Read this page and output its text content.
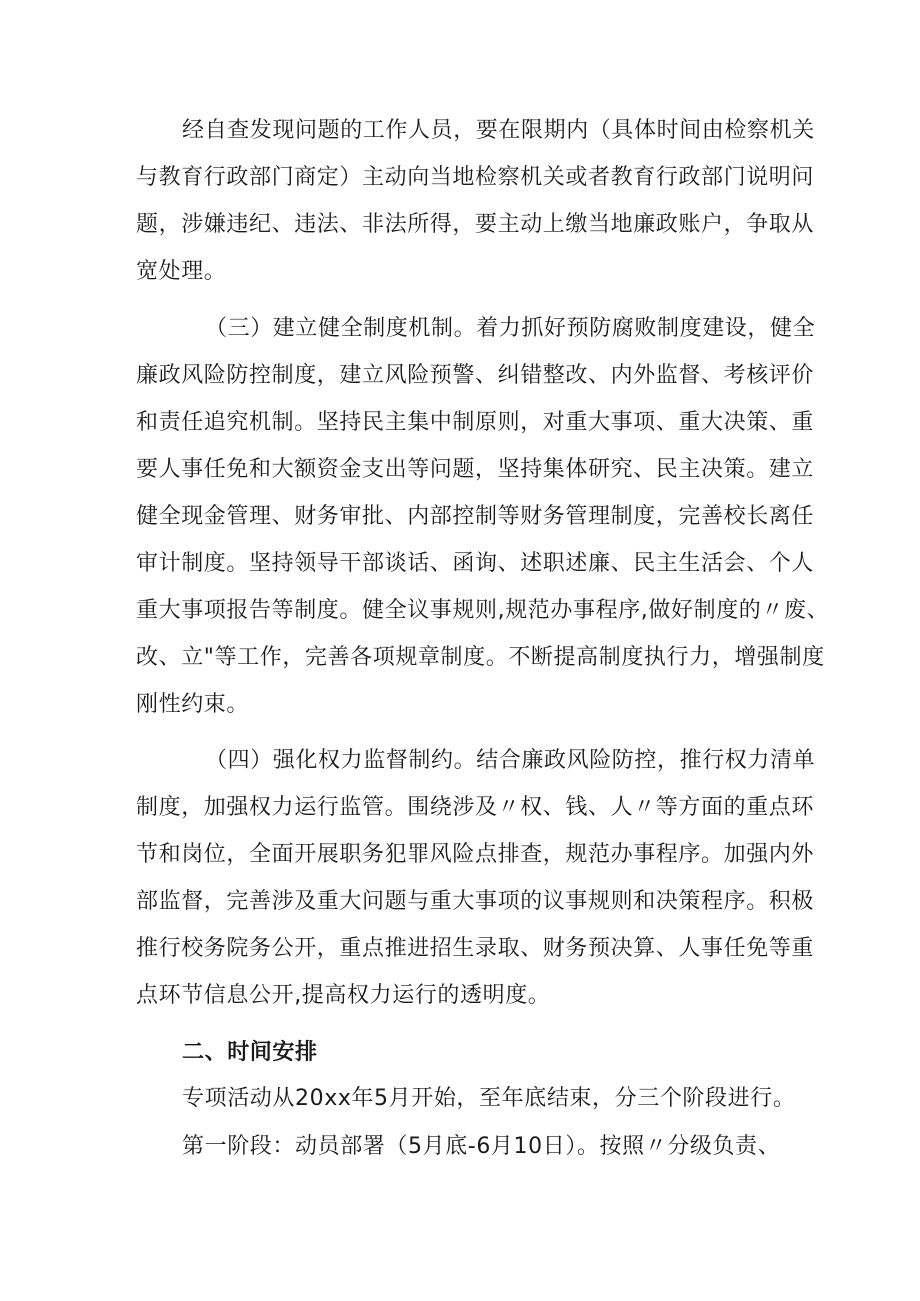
经自查发现问题的工作人员，要在限期内（具体时间由检察机关
与教育行政部门商定）主动向当地检察机关或者教育行政部门说明问
题，涉嫌违纪、违法、非法所得，要主动上缴当地廉政账户，争取从
宽处理。
（三）建立健全制度机制。着力抓好预防腐败制度建设，健全
廉政风险防控制度，建立风险预警、纠错整改、内外监督、考核评价
和责任追究机制。坚持民主集中制原则，对重大事项、重大决策、重
要人事任免和大额资金支出等问题，坚持集体研究、民主决策。建立
健全现金管理、财务审批、内部控制等财务管理制度，完善校长离任
审计制度。坚持领导干部谈话、函询、述职述廉、民主生活会、个人
重大事项报告等制度。健全议事规则,规范办事程序,做好制度的〃废、
改、立"等工作，完善各项规章制度。不断提高制度执行力，增强制度
刚性约束。
（四）强化权力监督制约。结合廉政风险防控，推行权力清单
制度，加强权力运行监管。围绕涉及〃权、钱、人〃等方面的重点环
节和岗位，全面开展职务犯罪风险点排查，规范办事程序。加强内外
部监督，完善涉及重大问题与重大事项的议事规则和决策程序。积极
推行校务院务公开，重点推进招生录取、财务预决算、人事任免等重
点环节信息公开,提高权力运行的透明度。
二、时间安排
专项活动从20xx年5月开始，至年底结束，分三个阶段进行。
第一阶段：动员部署（5月底-6月10日）。按照〃分级负责、
